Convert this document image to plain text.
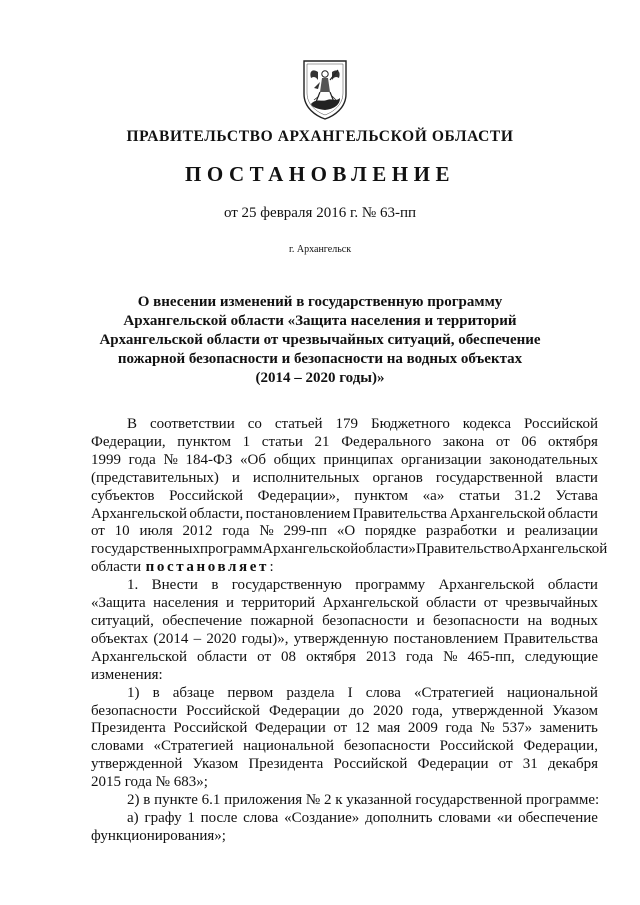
ПРАВИТЕЛЬСТВО АРХАНГЕЛЬСКОЙ ОБЛАСТИ
ПОСТАНОВЛЕНИЕ
от 25 февраля 2016 г. № 63-пп
г. Архангельск
О внесении изменений в государственную программу
Архангельской области «Защита населения и территорий
Архангельской области от чрезвычайных ситуаций, обеспечение
пожарной безопасности и безопасности на водных объектах
(2014 – 2020 годы)»
В соответствии со статьей 179 Бюджетного кодекса Российской
Федерации, пунктом 1 статьи 21 Федерального закона от 06 октября
1999 года № 184-ФЗ «Об общих принципах организации законодательных
(представительных) и исполнительных органов государственной власти
субъектов Российской Федерации», пунктом «а» статьи 31.2 Устава
Архангельской области, постановлением Правительства Архангельской области
от 10 июля 2012 года № 299-пп «О порядке разработки и реализации
государственных программ Архангельской области» Правительство Архангельской
области постановляет :
1. Внести в государственную программу Архангельской области
«Защита населения и территорий Архангельской области от чрезвычайных
ситуаций, обеспечение пожарной безопасности и безопасности на водных
объектах (2014 – 2020 годы)», утвержденную постановлением Правительства
Архангельской области от 08 октября 2013 года № 465-пп, следующие
изменения:
1) в абзаце первом раздела I слова «Стратегией национальной
безопасности Российской Федерации до 2020 года, утвержденной Указом
Президента Российской Федерации от 12 мая 2009 года № 537» заменить
словами «Стратегией национальной безопасности Российской Федерации,
утвержденной Указом Президента Российской Федерации от 31 декабря
2015 года № 683»;
2) в пункте 6.1 приложения № 2 к указанной государственной программе:
а) графу 1 после слова «Создание» дополнить словами «и обеспечение
функционирования»;
